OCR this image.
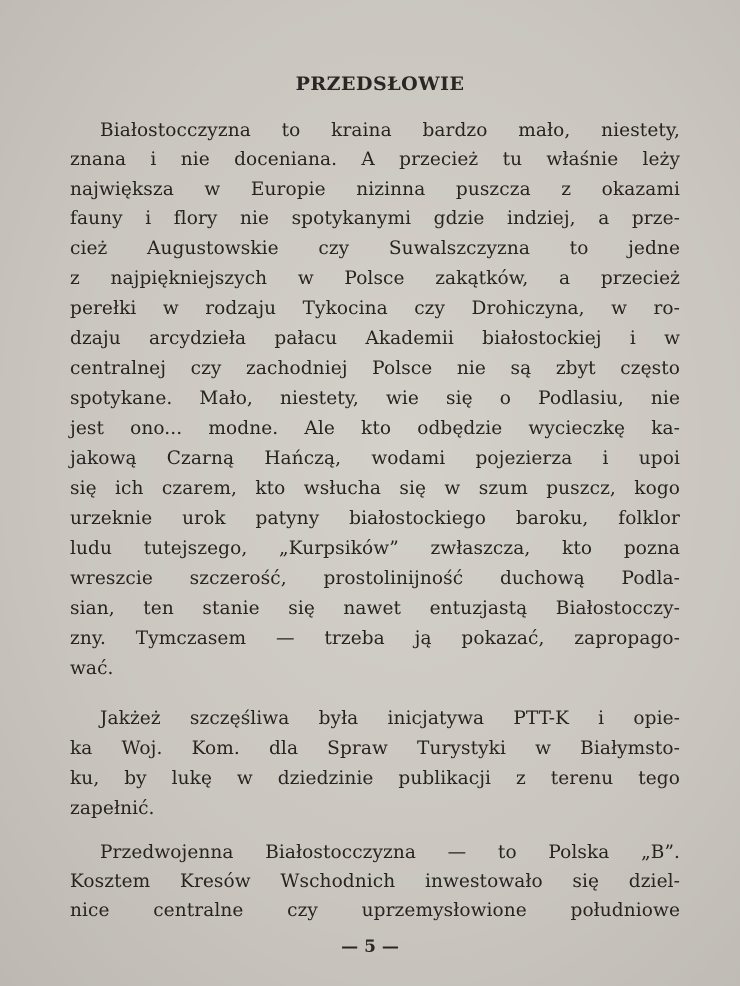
PRZEDSŁOWIE
Białostocczyzna to kraina bardzo mało, niestety,
znana i nie doceniana. A przecież tu właśnie leży
największa w Europie nizinna puszcza z okazami
fauny i flory nie spotykanymi gdzie indziej, a prze-
cież Augustowskie czy Suwalszczyzna to jedne
z najpiękniejszych w Polsce zakątków, a przecież
perełki w rodzaju Tykocina czy Drohiczyna, w ro-
dzaju arcydzieła pałacu Akademii białostockiej i w
centralnej czy zachodniej Polsce nie są zbyt często
spotykane. Mało, niestety, wie się o Podlasiu, nie
jest ono... modne. Ale kto odbędzie wycieczkę ka-
jakową Czarną Hańczą, wodami pojezierza i upoi
się ich czarem, kto wsłucha się w szum puszcz, kogo
urzeknie urok patyny białostockiego baroku, folklor
ludu tutejszego, „Kurpsików” zwłaszcza, kto pozna
wreszcie szczerość, prostolinijność duchową Podla-
sian, ten stanie się nawet entuzjastą Białostocczy-
zny. Tymczasem — trzeba ją pokazać, zapropago-
wać.
Jakżeż szczęśliwa była inicjatywa PTT-K i opie-
ka Woj. Kom. dla Spraw Turystyki w Białymsto-
ku, by lukę w dziedzinie publikacji z terenu tego
zapełnić.
Przedwojenna Białostocczyzna — to Polska „B”.
Kosztem Kresów Wschodnich inwestowało się dziel-
nice centralne czy uprzemysłowione południowe
— 5 —
